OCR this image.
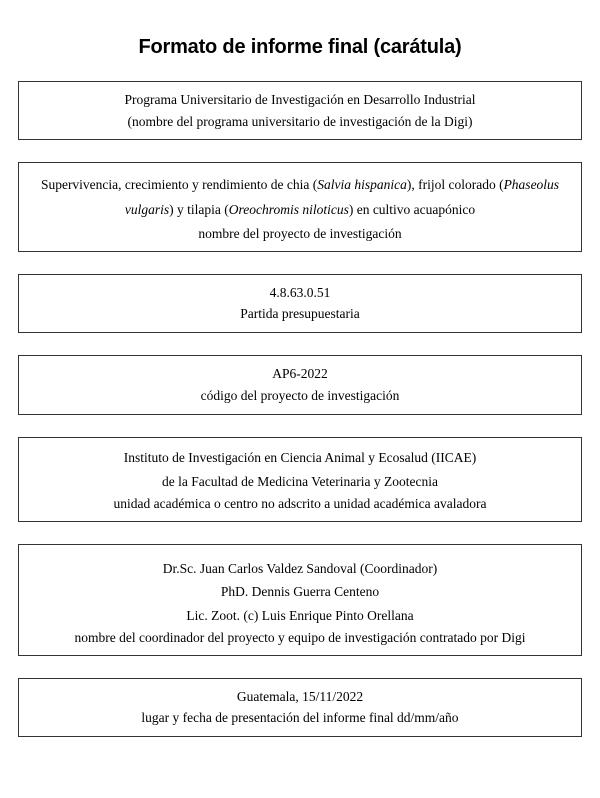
Formato de informe final (carátula)
Programa Universitario de Investigación en Desarrollo Industrial
(nombre del programa universitario de investigación de la Digi)
Supervivencia, crecimiento y rendimiento de chia (Salvia hispanica), frijol colorado (Phaseolus
vulgaris) y tilapia (Oreochromis niloticus) en cultivo acuapónico
nombre del proyecto de investigación
4.8.63.0.51
Partida presupuestaria
AP6-2022
código del proyecto de investigación
Instituto de Investigación en Ciencia Animal y Ecosalud (IICAE)
de la Facultad de Medicina Veterinaria y Zootecnia
unidad académica o centro no adscrito a unidad académica avaladora
Dr.Sc. Juan Carlos Valdez Sandoval (Coordinador)
PhD. Dennis Guerra Centeno
Lic. Zoot. (c) Luis Enrique Pinto Orellana
nombre del coordinador del proyecto y equipo de investigación contratado por Digi
Guatemala, 15/11/2022
lugar y fecha de presentación del informe final dd/mm/año
